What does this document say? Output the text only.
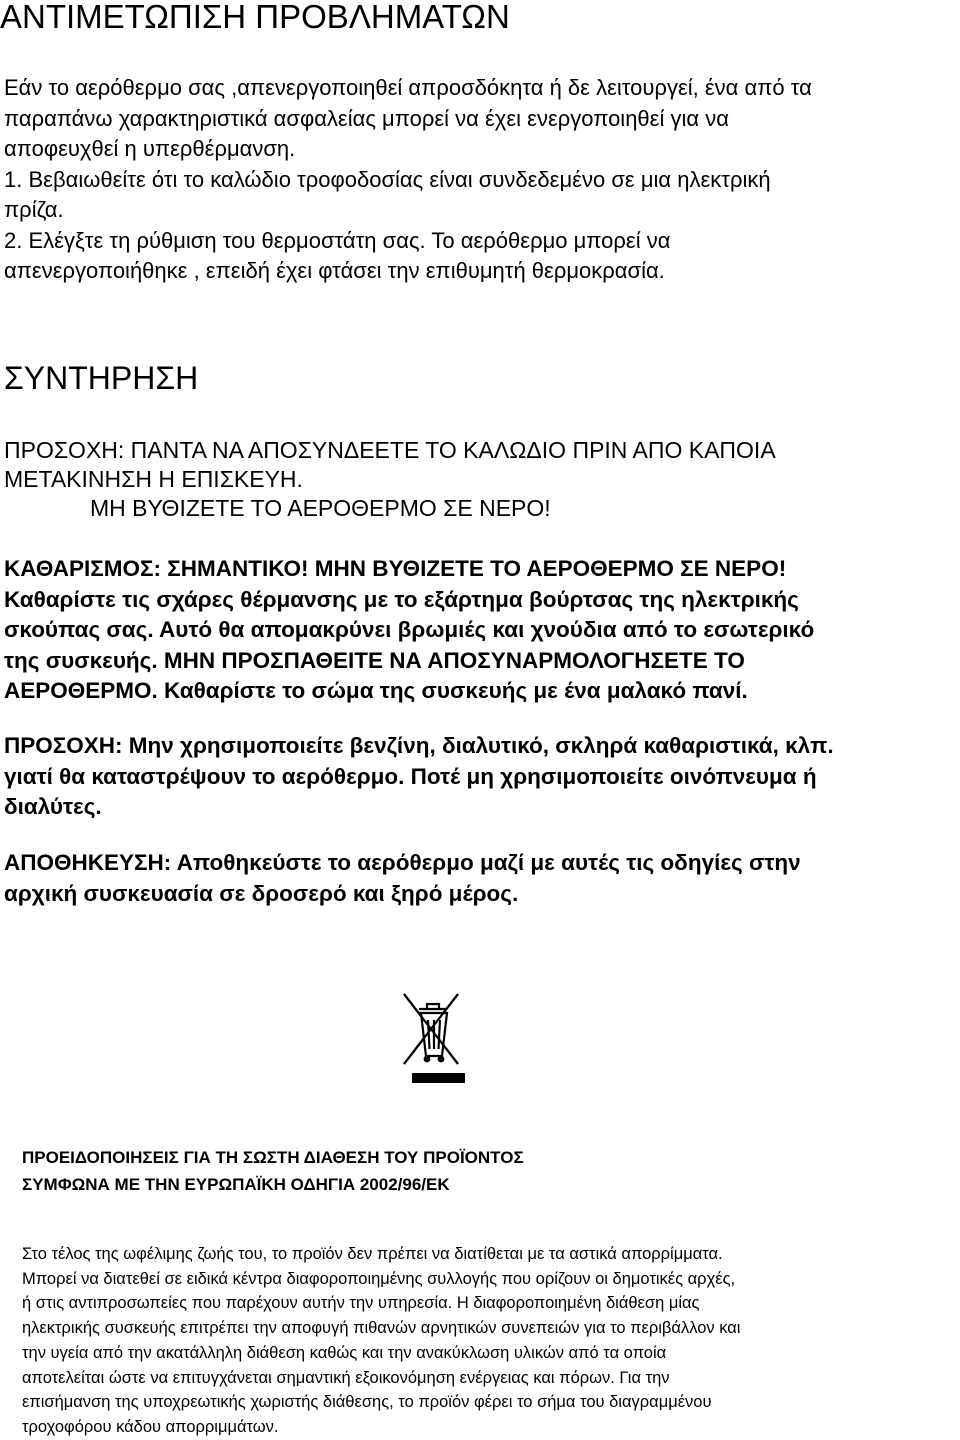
ΑΝΤΙΜΕΤΩΠΙΣΗ ΠΡΟΒΛΗΜΑΤΩΝ
Εάν το αερόθερμο σας ,απενεργοποιηθεί απροσδόκητα ή δε λειτουργεί, ένα από τα
παραπάνω χαρακτηριστικά ασφαλείας μπορεί να έχει ενεργοποιηθεί για να
αποφευχθεί η υπερθέρμανση.
1. Βεβαιωθείτε ότι το καλώδιο τροφοδοσίας είναι συνδεδεμένο σε μια ηλεκτρική
πρίζα.
2. Ελέγξτε τη ρύθμιση του θερμοστάτη σας. Το αερόθερμο μπορεί να
απενεργοποιήθηκε , επειδή έχει φτάσει την επιθυμητή θερμοκρασία.
ΣΥΝΤΗΡΗΣΗ
ΠΡΟΣΟΧΗ: ΠΑΝΤΑ ΝΑ ΑΠΟΣΥΝΔΕΕΤΕ ΤΟ ΚΑΛΩΔΙΟ ΠΡΙΝ ΑΠΟ ΚΑΠΟΙΑ
ΜΕΤΑΚΙΝΗΣΗ Η ΕΠΙΣΚΕΥΗ.
ΜΗ ΒΥΘΙΖΕΤΕ ΤΟ ΑΕΡΟΘΕΡΜΟ ΣΕ ΝΕΡΟ!
ΚΑΘΑΡΙΣΜΟΣ: ΣΗΜΑΝΤΙΚΟ! ΜΗΝ ΒΥΘΙΖΕΤΕ ΤΟ ΑΕΡΟΘΕΡΜΟ ΣΕ ΝΕΡΟ!
Καθαρίστε τις σχάρες θέρμανσης με το εξάρτημα βούρτσας της ηλεκτρικής
σκούπας σας. Αυτό θα απομακρύνει βρωμιές και χνούδια από το εσωτερικό
της συσκευής. ΜΗΝ ΠΡΟΣΠΑΘΕΙΤΕ ΝΑ ΑΠΟΣΥΝΑΡΜΟΛΟΓΗΣΕΤΕ ΤΟ
ΑΕΡΟΘΕΡΜΟ. Καθαρίστε το σώμα της συσκευής με ένα μαλακό πανί.
ΠΡΟΣΟΧΗ: Μην χρησιμοποιείτε βενζίνη, διαλυτικό, σκληρά καθαριστικά, κλπ.
γιατί θα καταστρέψουν το αερόθερμο. Ποτέ μη χρησιμοποιείτε οινόπνευμα ή
διαλύτες.
ΑΠΟΘΗΚΕΥΣΗ: Αποθηκεύστε το αερόθερμο μαζί με αυτές τις οδηγίες στην
αρχική συσκευασία σε δροσερό και ξηρό μέρος.
ΠΡΟΕΙΔΟΠΟΙΗΣΕΙΣ ΓΙΑ ΤΗ ΣΩΣΤΗ ΔΙΑΘΕΣΗ ΤΟΥ ΠΡΟΪΟΝΤΟΣ
ΣΥΜΦΩΝΑ ΜΕ ΤΗΝ ΕΥΡΩΠΑΪΚΗ ΟΔΗΓΙΑ 2002/96/ΕΚ
Στο τέλος της ωφέλιμης ζωής του, το προϊόν δεν πρέπει να διατίθεται με τα αστικά απορρίμματα.
Μπορεί να διατεθεί σε ειδικά κέντρα διαφοροποιημένης συλλογής που ορίζουν οι δημοτικές αρχές,
ή στις αντιπροσωπείες που παρέχουν αυτήν την υπηρεσία. Η διαφοροποιημένη διάθεση μίας
ηλεκτρικής συσκευής επιτρέπει την αποφυγή πιθανών αρνητικών συνεπειών για το περιβάλλον και
την υγεία από την ακατάλληλη διάθεση καθώς και την ανακύκλωση υλικών από τα οποία
αποτελείται ώστε να επιτυγχάνεται σημαντική εξοικονόμηση ενέργειας και πόρων. Για την
επισήμανση της υποχρεωτικής χωριστής διάθεσης, το προϊόν φέρει το σήμα του διαγραμμένου
τροχοφόρου κάδου απορριμμάτων.
